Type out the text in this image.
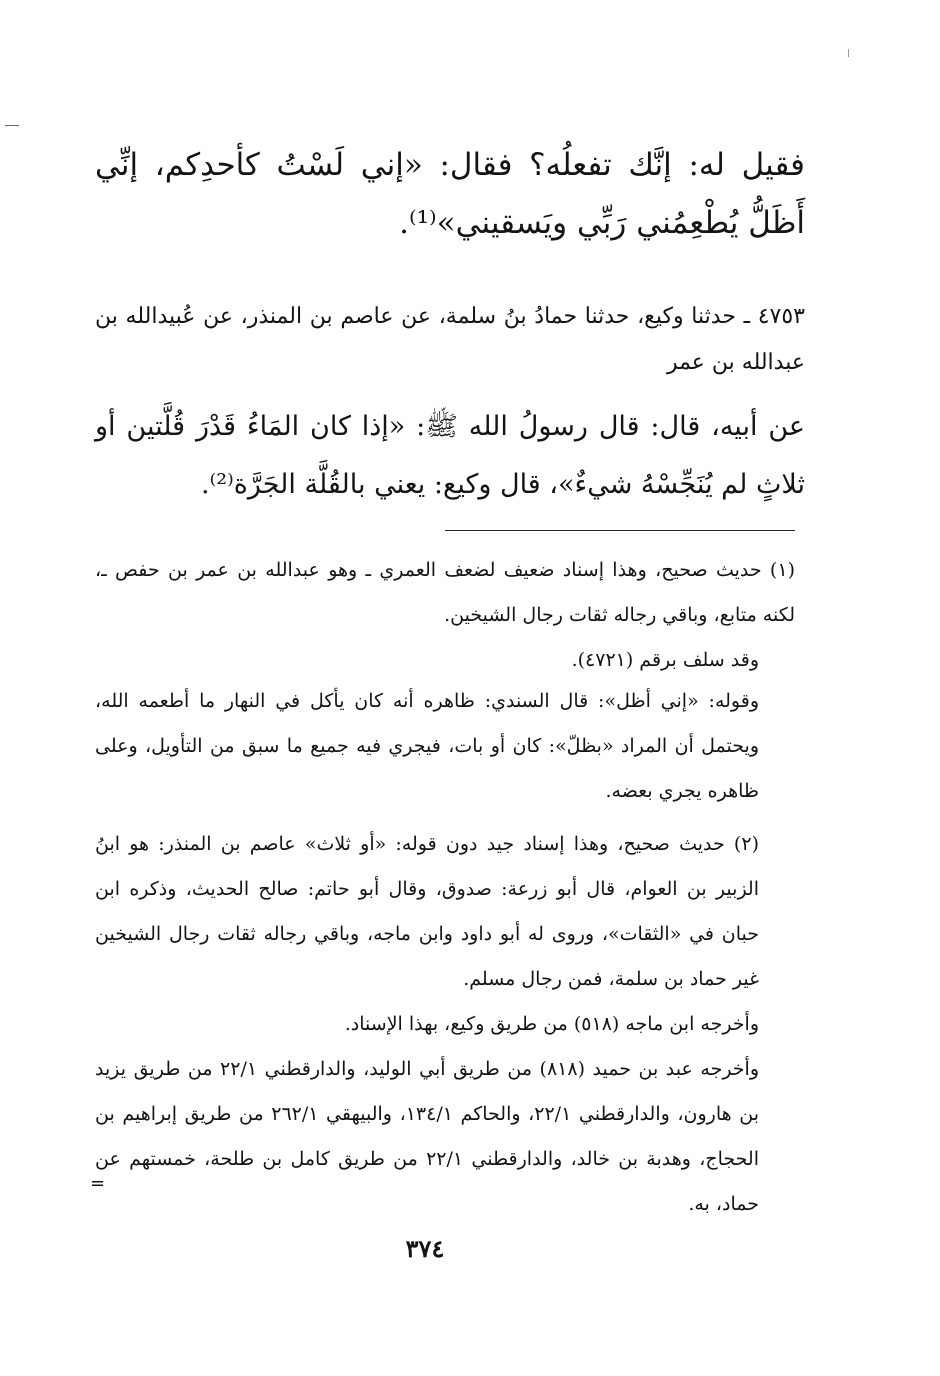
فقيل له: إنَّك تفعلُه؟ فقال: «إني لَسْتُ كأحدِكم، إنِّي أَظَلُّ يُطْعِمُني رَبِّي ويَسقيني»⁽¹⁾.
٤٧٥٣ ـ حدثنا وكيع، حدثنا حمادُ بنُ سلمة، عن عاصم بن المنذر، عن عُبيدالله بن عبدالله بن عمر
عن أبيه، قال: قال رسولُ الله ﷺ: «إذا كان المَاءُ قَدْرَ قُلَّتين أو ثلاثٍ لم يُنَجِّسْهُ شيءٌ»، قال وكيع: يعني بالقُلَّة الجَرَّة⁽²⁾.

(١) حديث صحيح، وهذا إسناد ضعيف لضعف العمري ـ وهو عبدالله بن عمر بن حفص ـ، لكنه متابع، وباقي رجاله ثقات رجال الشيخين.

وقد سلف برقم (٤٧٢١).

وقوله: «إني أظل»: قال السندي: ظاهره أنه كان يأكل في النهار ما أطعمه الله، ويحتمل أن المراد «بظلّ»: كان أو بات، فيجري فيه جميع ما سبق من التأويل، وعلى ظاهره يجري بعضه.

(٢) حديث صحيح، وهذا إسناد جيد دون قوله: «أو ثلاث» عاصم بن المنذر: هو ابنُ الزبير بن العوام، قال أبو زرعة: صدوق، وقال أبو حاتم: صالح الحديث، وذكره ابن حبان في «الثقات»، وروى له أبو داود وابن ماجه، وباقي رجاله ثقات رجال الشيخين غير حماد بن سلمة، فمن رجال مسلم.

وأخرجه ابن ماجه (٥١٨) من طريق وكيع، بهذا الإسناد.

وأخرجه عبد بن حميد (٨١٨) من طريق أبي الوليد، والدارقطني ٢٢/١ من طريق يزيد بن هارون، والدارقطني ٢٢/١، والحاكم ١٣٤/١، والبيهقي ٢٦٢/١ من طريق إبراهيم بن الحجاج، وهدبة بن خالد، والدارقطني ٢٢/١ من طريق كامل بن طلحة، خمستهم عن حماد، به.

=
٣٧٤
